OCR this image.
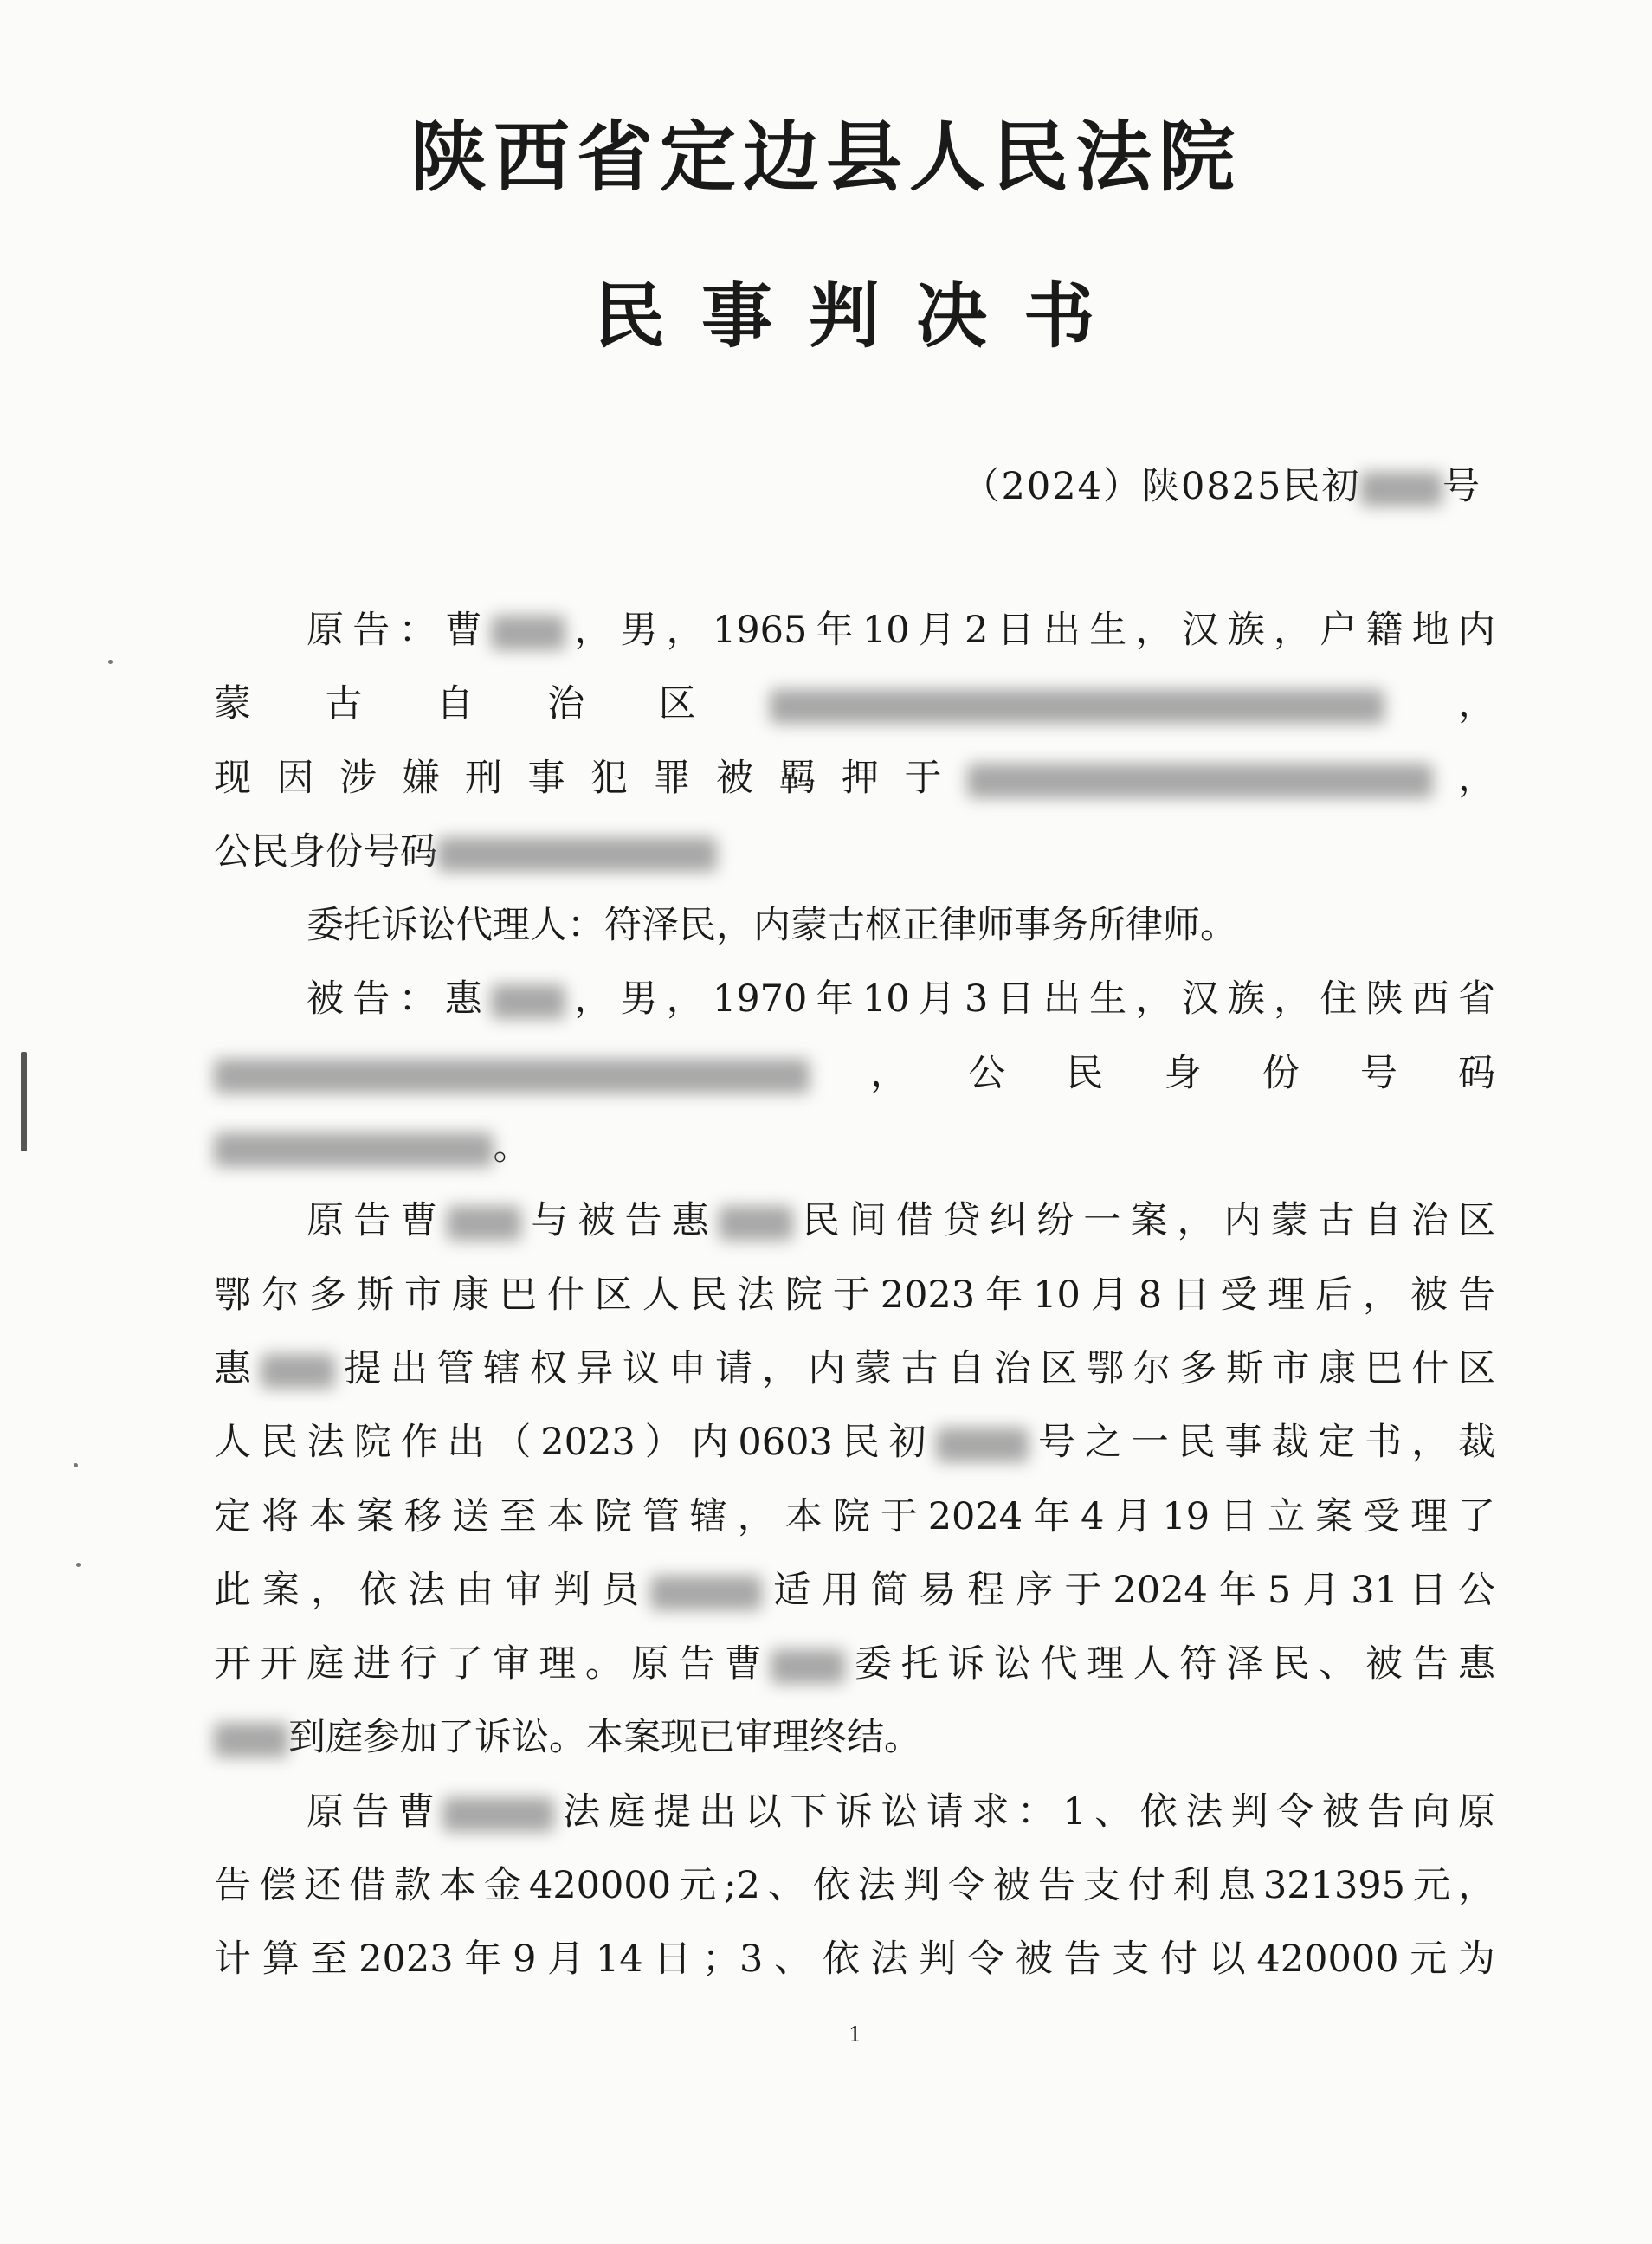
陕西省定边县人民法院
民事判决书
（2024）陕0825民初 号
原告：曹 ，男，1965年10月2日出生，汉族，户籍地内
蒙古自治区	，
现因涉嫌刑事犯罪被羁押于	，
公民身份号码
委托诉讼代理人：符泽民，内蒙古枢正律师事务所律师。
被告：惠 ，男，1970年10月3日出生，汉族，住陕西省
，公民身份号码
。
原告曹 与被告惠 民间借贷纠纷一案，内蒙古自治区
鄂尔多斯市康巴什区人民法院于2023年10月8日受理后，被告
惠 提出管辖权异议申请，内蒙古自治区鄂尔多斯市康巴什区
人民法院作出（2023）内0603民初	号之一民事裁定书，裁
定将本案移送至本院管辖，本院于2024年4月19日立案受理了
此案，依法由审判员	适用简易程序于2024年5月31日公
开开庭进行了审理。原告曹 委托诉讼代理人符泽民、被告惠
到庭参加了诉讼。本案现已审理终结。
原告曹	法庭提出以下诉讼请求：1、依法判令被告向原
告偿还借款本金420000元;2、依法判令被告支付利息321395元，
计算至2023年9月14日；3、依法判令被告支付以420000元为
1
